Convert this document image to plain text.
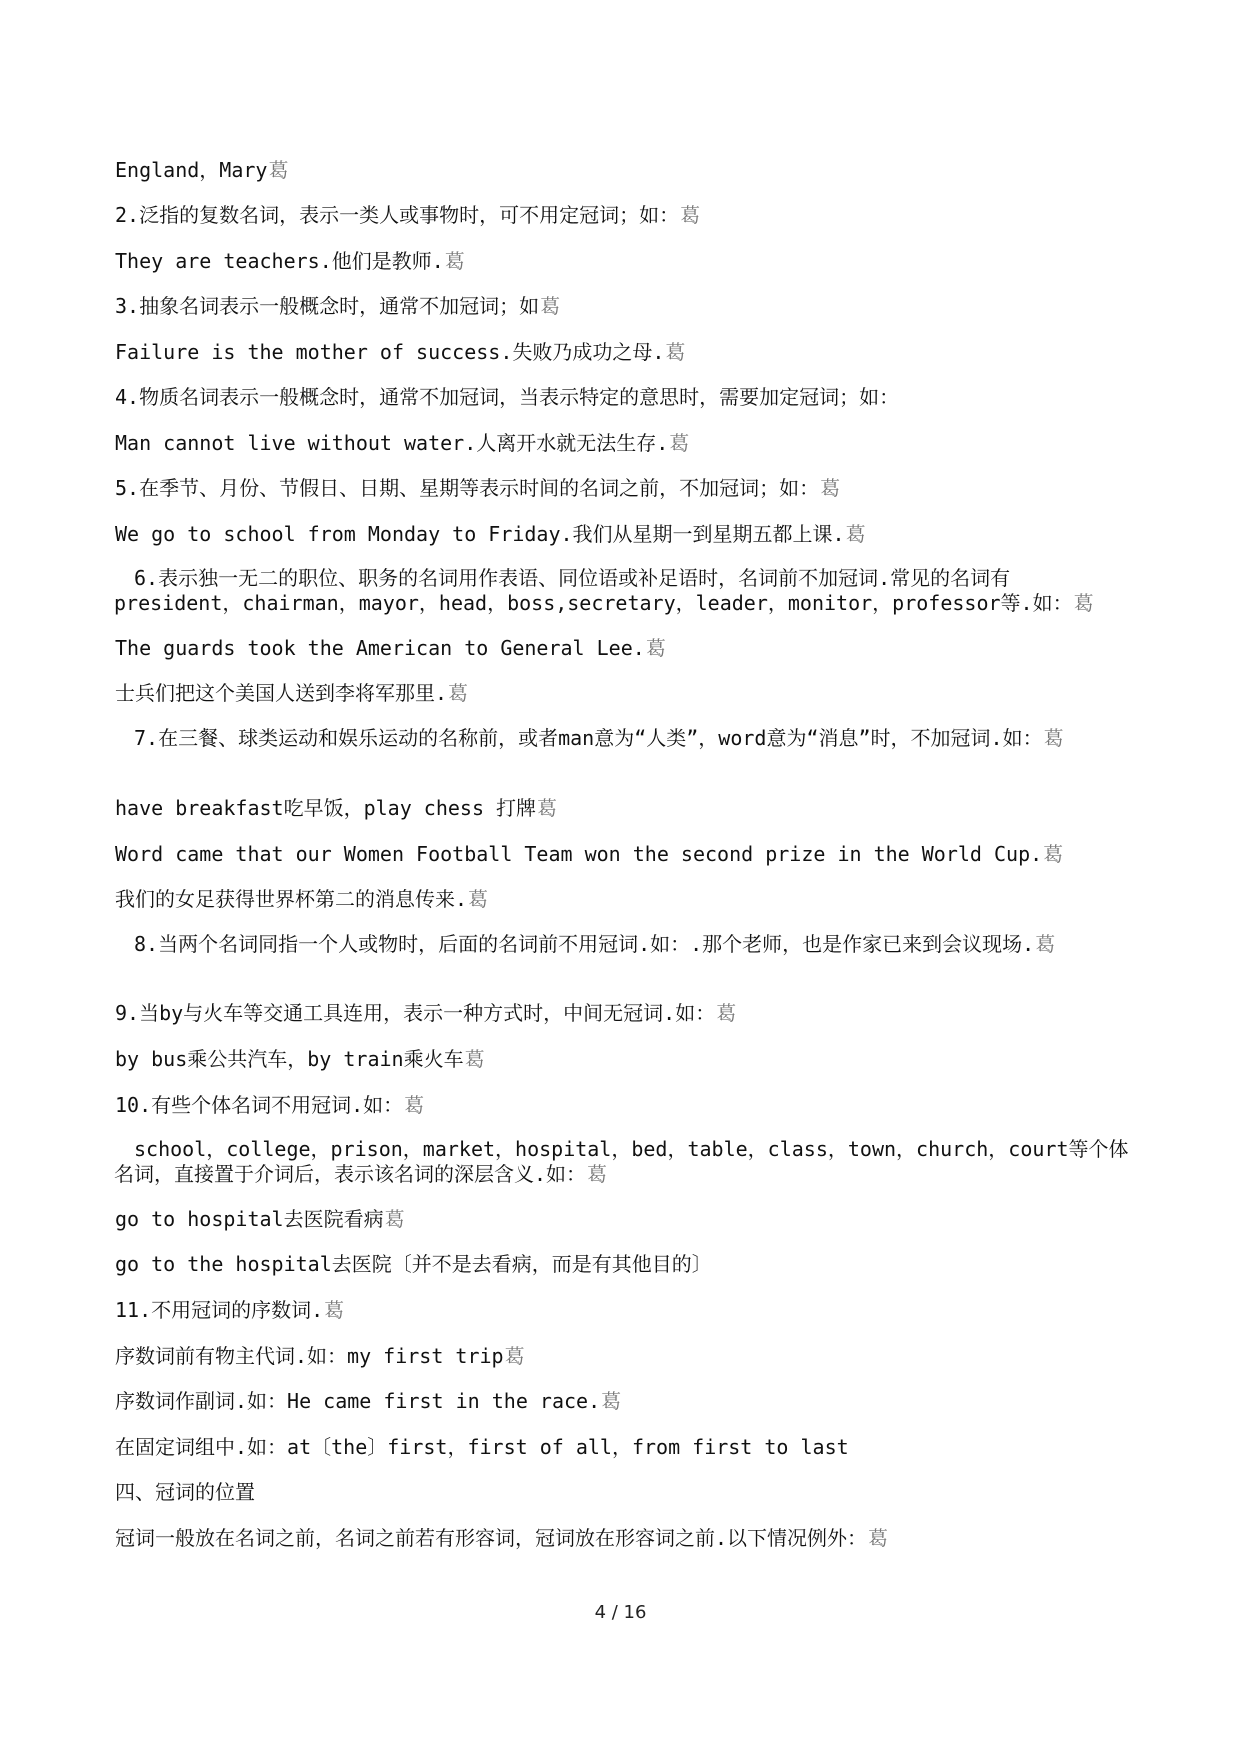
England，Mary葛
2.泛指的复数名词，表示一类人或事物时，可不用定冠词；如：葛
They are teachers.他们是教师.葛
3.抽象名词表示一般概念时，通常不加冠词；如葛
Failure is the mother of success.失败乃成功之母.葛
4.物质名词表示一般概念时，通常不加冠词，当表示特定的意思时，需要加定冠词；如：
Man cannot live without water.人离开水就无法生存.葛
5.在季节、月份、节假日、日期、星期等表示时间的名词之前，不加冠词；如：葛
We go to school from Monday to Friday.我们从星期一到星期五都上课.葛
6.表示独一无二的职位、职务的名词用作表语、同位语或补足语时，名词前不加冠词.常见的名词有president，chairman，mayor，head，boss,secretary，leader，monitor，professor等.如：葛
The guards took the American to General Lee.葛
士兵们把这个美国人送到李将军那里.葛
7.在三餐、球类运动和娱乐运动的名称前，或者man意为“人类”，word意为“消息”时，不加冠词.如：葛
have breakfast吃早饭，play chess 打牌葛
Word came that our Women Football Team won the second prize in the World Cup.葛
我们的女足获得世界杯第二的消息传来.葛
8.当两个名词同指一个人或物时，后面的名词前不用冠词.如：.那个老师，也是作家已来到会议现场.葛
9.当by与火车等交通工具连用，表示一种方式时，中间无冠词.如：葛
by bus乘公共汽车，by train乘火车葛
10.有些个体名词不用冠词.如：葛
school，college，prison，market，hospital，bed，table，class，town，church，court等个体名词，直接置于介词后，表示该名词的深层含义.如：葛
go to hospital去医院看病葛
go to the hospital去医院〔并不是去看病，而是有其他目的〕
11.不用冠词的序数词.葛
序数词前有物主代词.如：my first trip葛
序数词作副词.如：He came first in the race.葛
在固定词组中.如：at〔the〕first，first of all，from first to last
四、冠词的位置
冠词一般放在名词之前，名词之前若有形容词，冠词放在形容词之前.以下情况例外：葛
4 / 16
